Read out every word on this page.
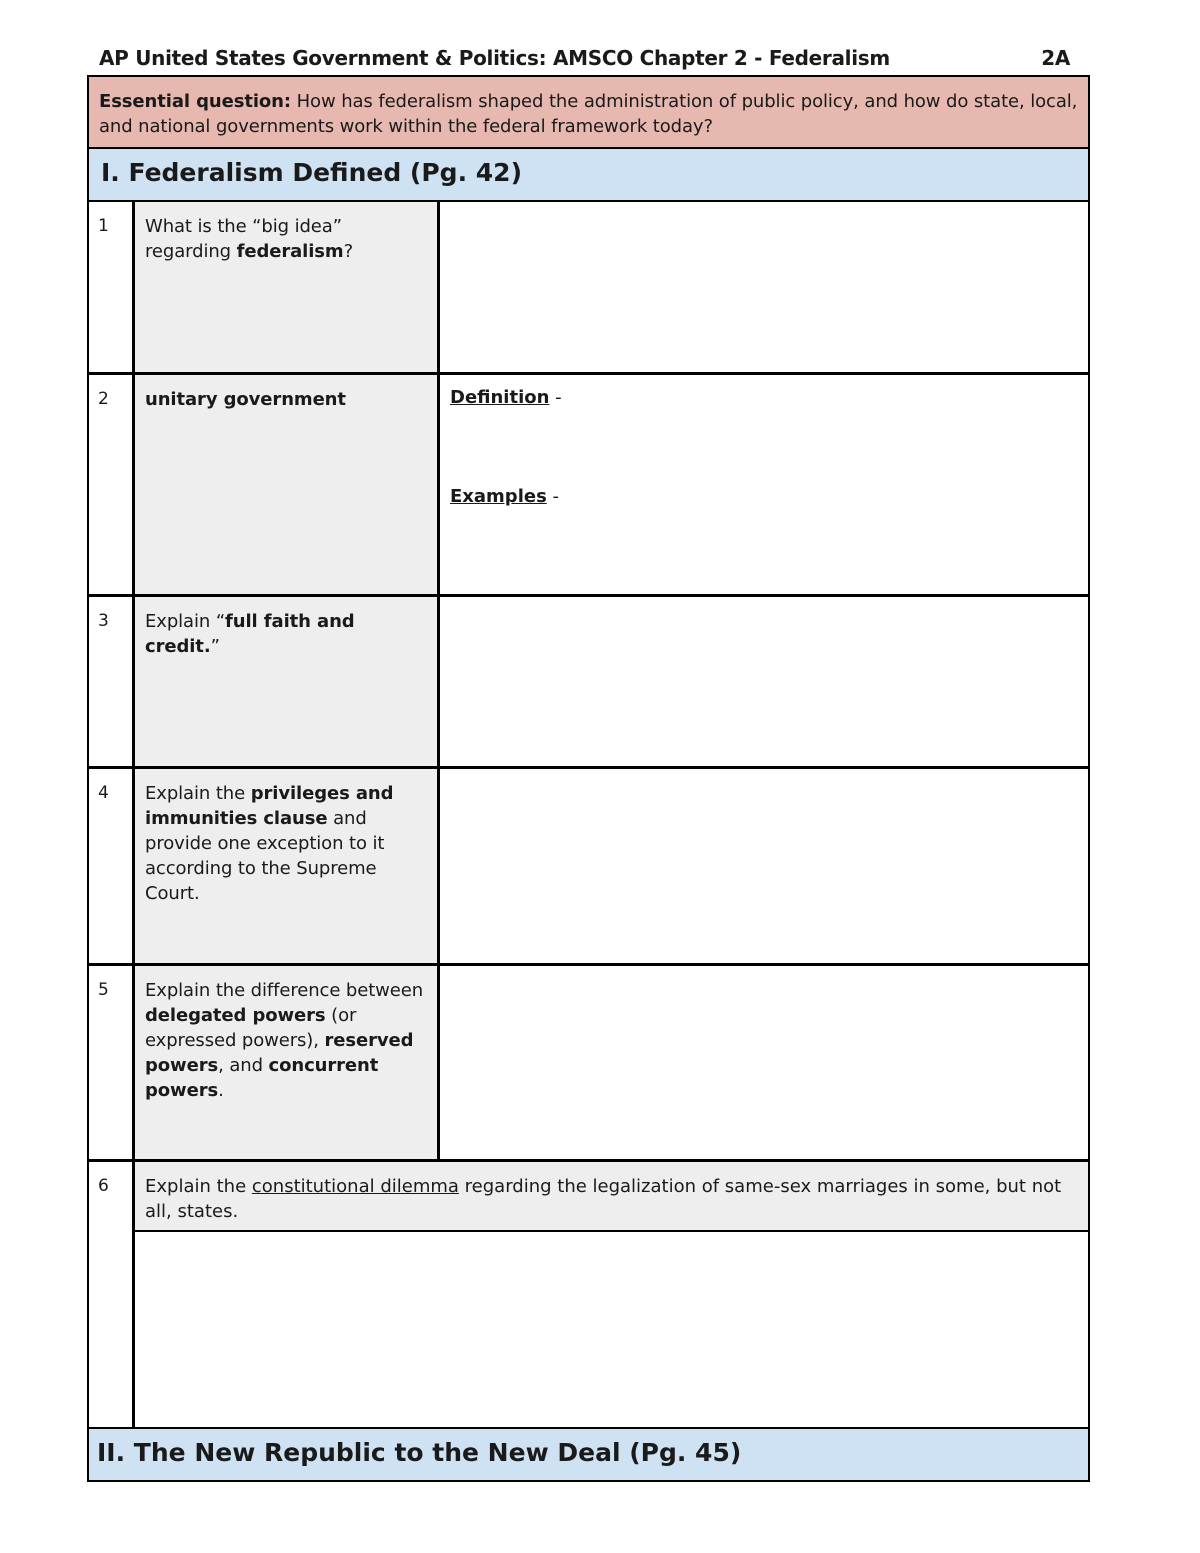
AP United States Government & Politics: AMSCO Chapter 2 - Federalism	2A
Essential question: How has federalism shaped the administration of public policy, and how do state, local, and national governments work within the federal framework today?
I. Federalism Defined (Pg. 42)
1	What is the “big idea” regarding federalism?
2	unitary government	Definition -
Examples -
3	Explain “full faith and credit.”
4	Explain the privileges and immunities clause and provide one exception to it according to the Supreme Court.
5	Explain the difference between delegated powers (or expressed powers), reserved powers, and concurrent powers.
6	Explain the constitutional dilemma regarding the legalization of same-sex marriages in some, but not all, states.
II. The New Republic to the New Deal (Pg. 45)
